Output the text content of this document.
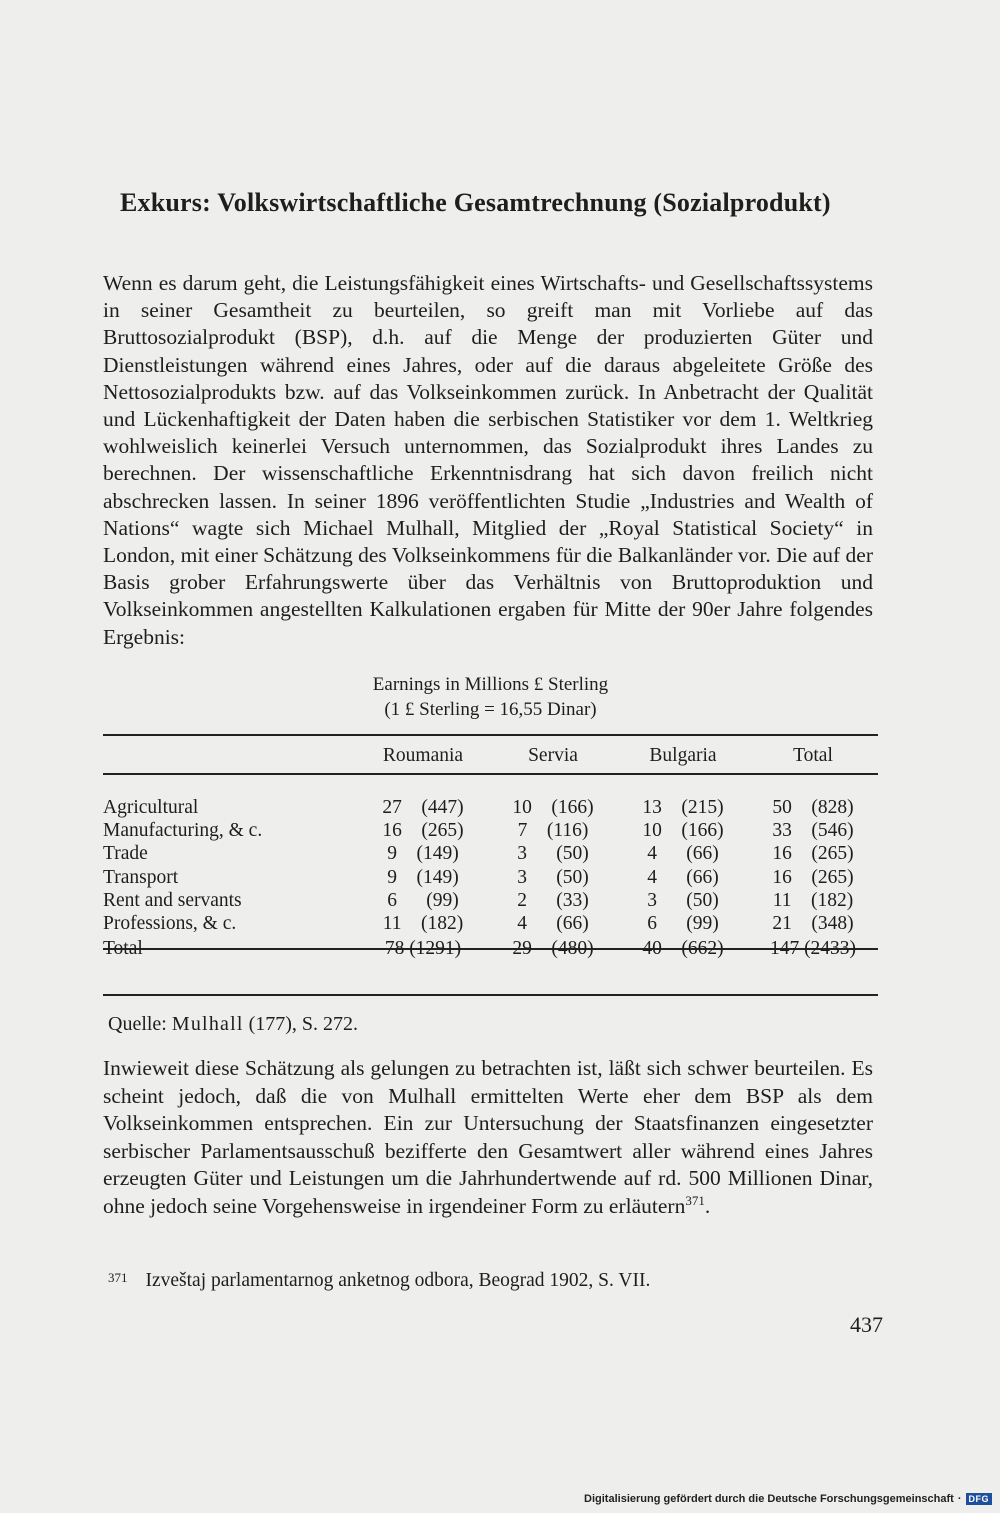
Exkurs: Volkswirtschaftliche Gesamtrechnung (Sozialprodukt)

Wenn es darum geht, die Leistungsfähigkeit eines Wirtschafts- und Gesellschaftssystems in seiner Gesamtheit zu beurteilen, so greift man mit Vorliebe auf das Bruttosozialprodukt (BSP), d.h. auf die Menge der produzierten Güter und Dienstleistungen während eines Jahres, oder auf die daraus abgeleitete Größe des Nettosozialprodukts bzw. auf das Volkseinkommen zurück. In Anbetracht der Qualität und Lückenhaftigkeit der Daten haben die serbischen Statistiker vor dem 1. Weltkrieg wohlweislich keinerlei Versuch unternommen, das Sozialprodukt ihres Landes zu berechnen. Der wissenschaftliche Erkenntnisdrang hat sich davon freilich nicht abschrecken lassen. In seiner 1896 veröffentlichten Studie „Industries and Wealth of Nations“ wagte sich Michael Mulhall, Mitglied der „Royal Statistical Society“ in London, mit einer Schätzung des Volkseinkommens für die Balkanländer vor. Die auf der Basis grober Erfahrungswerte über das Verhältnis von Bruttoproduktion und Volkseinkommen angestellten Kalkulationen ergaben für Mitte der 90er Jahre folgendes Ergebnis:

Earnings in Millions £ Sterling
(1 £ Sterling = 16,55 Dinar)
	Roumania	Servia	Bulgaria	Total

Agricultural	27 (447)	10 (166)	13 (215)	50 (828)
Manufacturing, & c.	16 (265)	7 (116)	10 (166)	33 (546)
Trade	9 (149)	3  (50)	4  (66)	16 (265)
Transport	9 (149)	3  (50)	4  (66)	16 (265)
Rent and servants	6  (99)	2  (33)	3  (50)	11 (182)
Professions, & c.	11 (182)	4  (66)	6  (99)	21 (348)
Total	78 (1291)	29 (480)	40 (662)	147 (2433)
Quelle: Mulhall (177), S. 272.

Inwieweit diese Schätzung als gelungen zu betrachten ist, läßt sich schwer beurteilen. Es scheint jedoch, daß die von Mulhall ermittelten Werte eher dem BSP als dem Volkseinkommen entsprechen. Ein zur Untersuchung der Staatsfinanzen eingesetzter serbischer Parlamentsausschuß bezifferte den Gesamtwert aller während eines Jahres erzeugten Güter und Leistungen um die Jahrhundertwende auf rd. 500 Millionen Dinar, ohne jedoch seine Vorgehensweise in irgendeiner Form zu erläutern$^{371}$.

$^{371}$ Izveštaj parlamentarnog anketnog odbora, Beograd 1902, S. VII.
437
Digitalisierung gefördert durch die Deutsche Forschungsgemeinschaft · DFG
